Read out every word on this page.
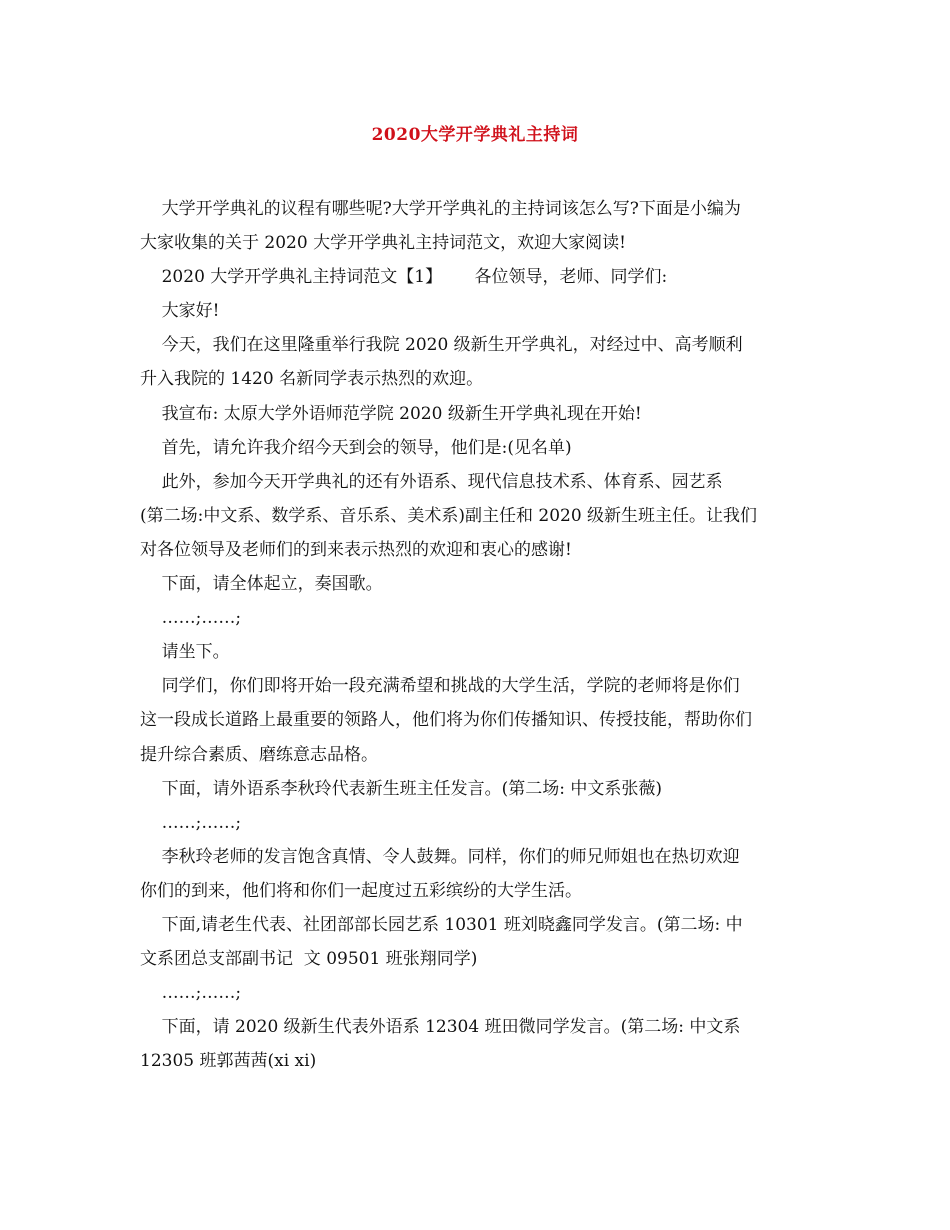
2020大学开学典礼主持词
大学开学典礼的议程有哪些呢?大学开学典礼的主持词该怎么写?下面是小编为
大家收集的关于 2020 大学开学典礼主持词范文，欢迎大家阅读!
2020 大学开学典礼主持词范文【1】      各位领导，老师、同学们:
大家好!
今天，我们在这里隆重举行我院 2020 级新生开学典礼，对经过中、高考顺利
升入我院的 1420 名新同学表示热烈的欢迎。
我宣布: 太原大学外语师范学院 2020 级新生开学典礼现在开始!
首先，请允许我介绍今天到会的领导，他们是:(见名单)
此外，参加今天开学典礼的还有外语系、现代信息技术系、体育系、园艺系
(第二场:中文系、数学系、音乐系、美术系)副主任和 2020 级新生班主任。让我们
对各位领导及老师们的到来表示热烈的欢迎和衷心的感谢!
下面，请全体起立，奏国歌。
……;……;
请坐下。
同学们，你们即将开始一段充满希望和挑战的大学生活，学院的老师将是你们
这一段成长道路上最重要的领路人，他们将为你们传播知识、传授技能，帮助你们
提升综合素质、磨练意志品格。
下面，请外语系李秋玲代表新生班主任发言。(第二场: 中文系张薇)
……;……;
李秋玲老师的发言饱含真情、令人鼓舞。同样，你们的师兄师姐也在热切欢迎
你们的到来，他们将和你们一起度过五彩缤纷的大学生活。
下面,请老生代表、社团部部长园艺系 10301 班刘晓鑫同学发言。(第二场: 中
文系团总支部副书记  文 09501 班张翔同学)
……;……;
下面，请 2020 级新生代表外语系 12304 班田微同学发言。(第二场: 中文系
12305 班郭茜茜(xi xi)
